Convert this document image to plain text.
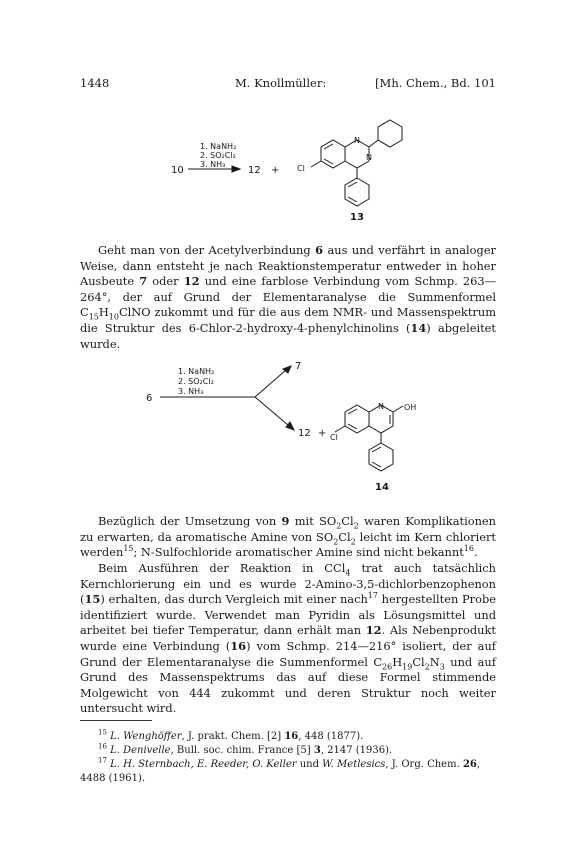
1448	M. Knollmüller:	[Mh. Chem., Bd. 101
1. NaNH₂
2. SO₂Cl₂
3. NH₃
10	12 + Cl
N
N
13

Geht man von der Acetylverbindung 6 aus und verfährt in analoger Weise, dann entsteht je nach Reaktionstemperatur entweder in hoher Ausbeute 7 oder 12 und eine farblose Verbindung vom Schmp. 263—264°, der auf Grund der Elementaranalyse die Summenformel $C_{15}H_{10}ClNO$ zukommt und für die aus dem NMR- und Massenspektrum die Struktur des 6-Chlor-2-hydroxy-4-phenylchinolins (14) abgeleitet wurde.

1. NaNH₂
2. SO₂Cl₂
3. NH₃
6
7
12 + Cl
N	OH
14

Bezüglich der Umsetzung von 9 mit $SO_2Cl_2$ waren Komplikationen zu erwarten, da aromatische Amine von $SO_2Cl_2$ leicht im Kern chloriert werden$^{15}$; N-Sulfochloride aromatischer Amine sind nicht bekannt$^{16}$.

Beim Ausführen der Reaktion in CCl$_4$ trat auch tatsächlich Kernchlorierung ein und es wurde 2-Amino-3,5-dichlorbenzophenon (15) erhalten, das durch Vergleich mit einer nach$^{17}$ hergestellten Probe identifiziert wurde. Verwendet man Pyridin als Lösungsmittel und arbeitet bei tiefer Temperatur, dann erhält man 12. Als Nebenprodukt wurde eine Verbindung (16) vom Schmp. 214—216° isoliert, der auf Grund der Elementaranalyse die Summenformel $C_{26}H_{19}Cl_2N_3$ und auf Grund des Massenspektrums das auf diese Formel stimmende Molgewicht von 444 zukommt und deren Struktur noch weiter untersucht wird.

$^{15}$ L. Wenghöffer, J. prakt. Chem. [2] 16, 448 (1877).
$^{16}$ L. Denivelle, Bull. soc. chim. France [5] 3, 2147 (1936).
$^{17}$ L. H. Sternbach, E. Reeder, O. Keller und W. Metlesics, J. Org. Chem. 26, 4488 (1961).
